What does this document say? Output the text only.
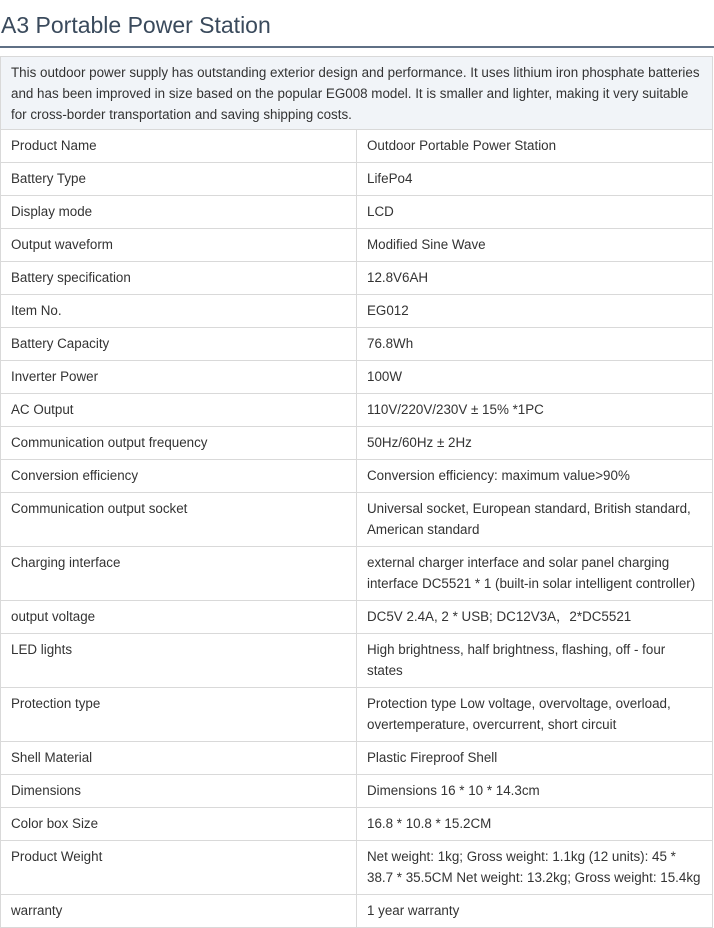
A3 Portable Power Station
This outdoor power supply has outstanding exterior design and performance. It uses lithium iron phosphate batteries and has been improved in size based on the popular EG008 model. It is smaller and lighter, making it very suitable for cross-border transportation and saving shipping costs.	
Product Name	Outdoor Portable Power Station
Battery Type	LifePo4
Display mode	LCD
Output waveform	Modified Sine Wave
Battery specification	12.8V6AH
Item No.	EG012
Battery Capacity	76.8Wh
Inverter Power	100W
AC Output	110V/220V/230V ± 15% *1PC
Communication output frequency	50Hz/60Hz ± 2Hz
Conversion efficiency	Conversion efficiency: maximum value>90%
Communication output socket	Universal socket, European standard, British standard, American standard
Charging interface	external charger interface and solar panel charging interface DC5521 * 1 (built-in solar intelligent controller)
output voltage	DC5V 2.4A, 2 * USB; DC12V3A，2*DC5521
LED lights	High brightness, half brightness, flashing, off - four states
Protection type	Protection type Low voltage, overvoltage, overload, overtemperature, overcurrent, short circuit
Shell Material	Plastic Fireproof Shell
Dimensions	Dimensions 16 * 10 * 14.3cm
Color box Size	16.8 * 10.8 * 15.2CM
Product Weight	Net weight: 1kg; Gross weight: 1.1kg (12 units): 45 * 38.7 * 35.5CM Net weight: 13.2kg; Gross weight: 15.4kg
warranty	1 year warranty
